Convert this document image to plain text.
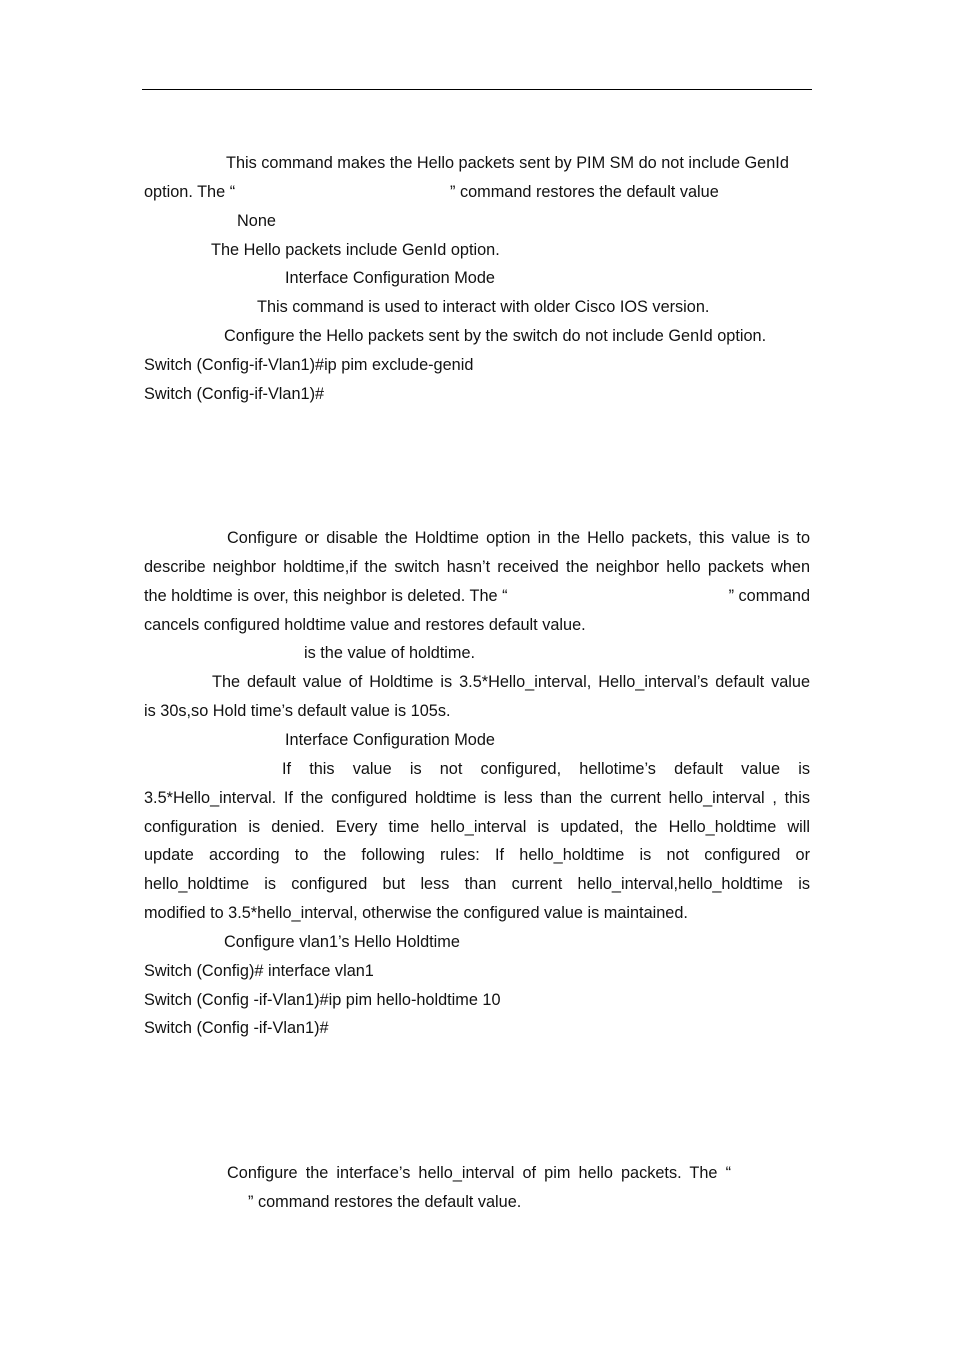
This command makes the Hello packets sent by PIM SM do not include GenId
option. The “	” command restores the default value
None
The Hello packets include GenId option.
Interface Configuration Mode
This command is used to interact with older Cisco IOS version.
Configure the Hello packets sent by the switch do not include GenId option.
Switch (Config-if-Vlan1)#ip pim exclude-genid
Switch (Config-if-Vlan1)#
Configure or disable the Holdtime option in the Hello packets, this value is to
describe neighbor holdtime,if the switch hasn’t received the neighbor hello packets when
the holdtime is over, this neighbor is deleted. The “	” command
cancels configured holdtime value and restores default value.
is the value of holdtime.
The default value of Holdtime is 3.5*Hello_interval, Hello_interval’s default value
is 30s,so Hold time’s default value is 105s.
Interface Configuration Mode
If this value is not configured, hellotime’s default value is
3.5*Hello_interval. If the configured holdtime is less than the current hello_interval , this
configuration is denied. Every time hello_interval is updated, the Hello_holdtime will
update according to the following rules: If hello_holdtime is not configured or
hello_holdtime is configured but less than current hello_interval,hello_holdtime is
modified to 3.5*hello_interval, otherwise the configured value is maintained.
Configure vlan1’s Hello Holdtime
Switch (Config)# interface vlan1
Switch (Config -if-Vlan1)#ip pim hello-holdtime 10
Switch (Config -if-Vlan1)#
Configure the interface’s hello_interval of pim hello packets. The “
” command restores the default value.
